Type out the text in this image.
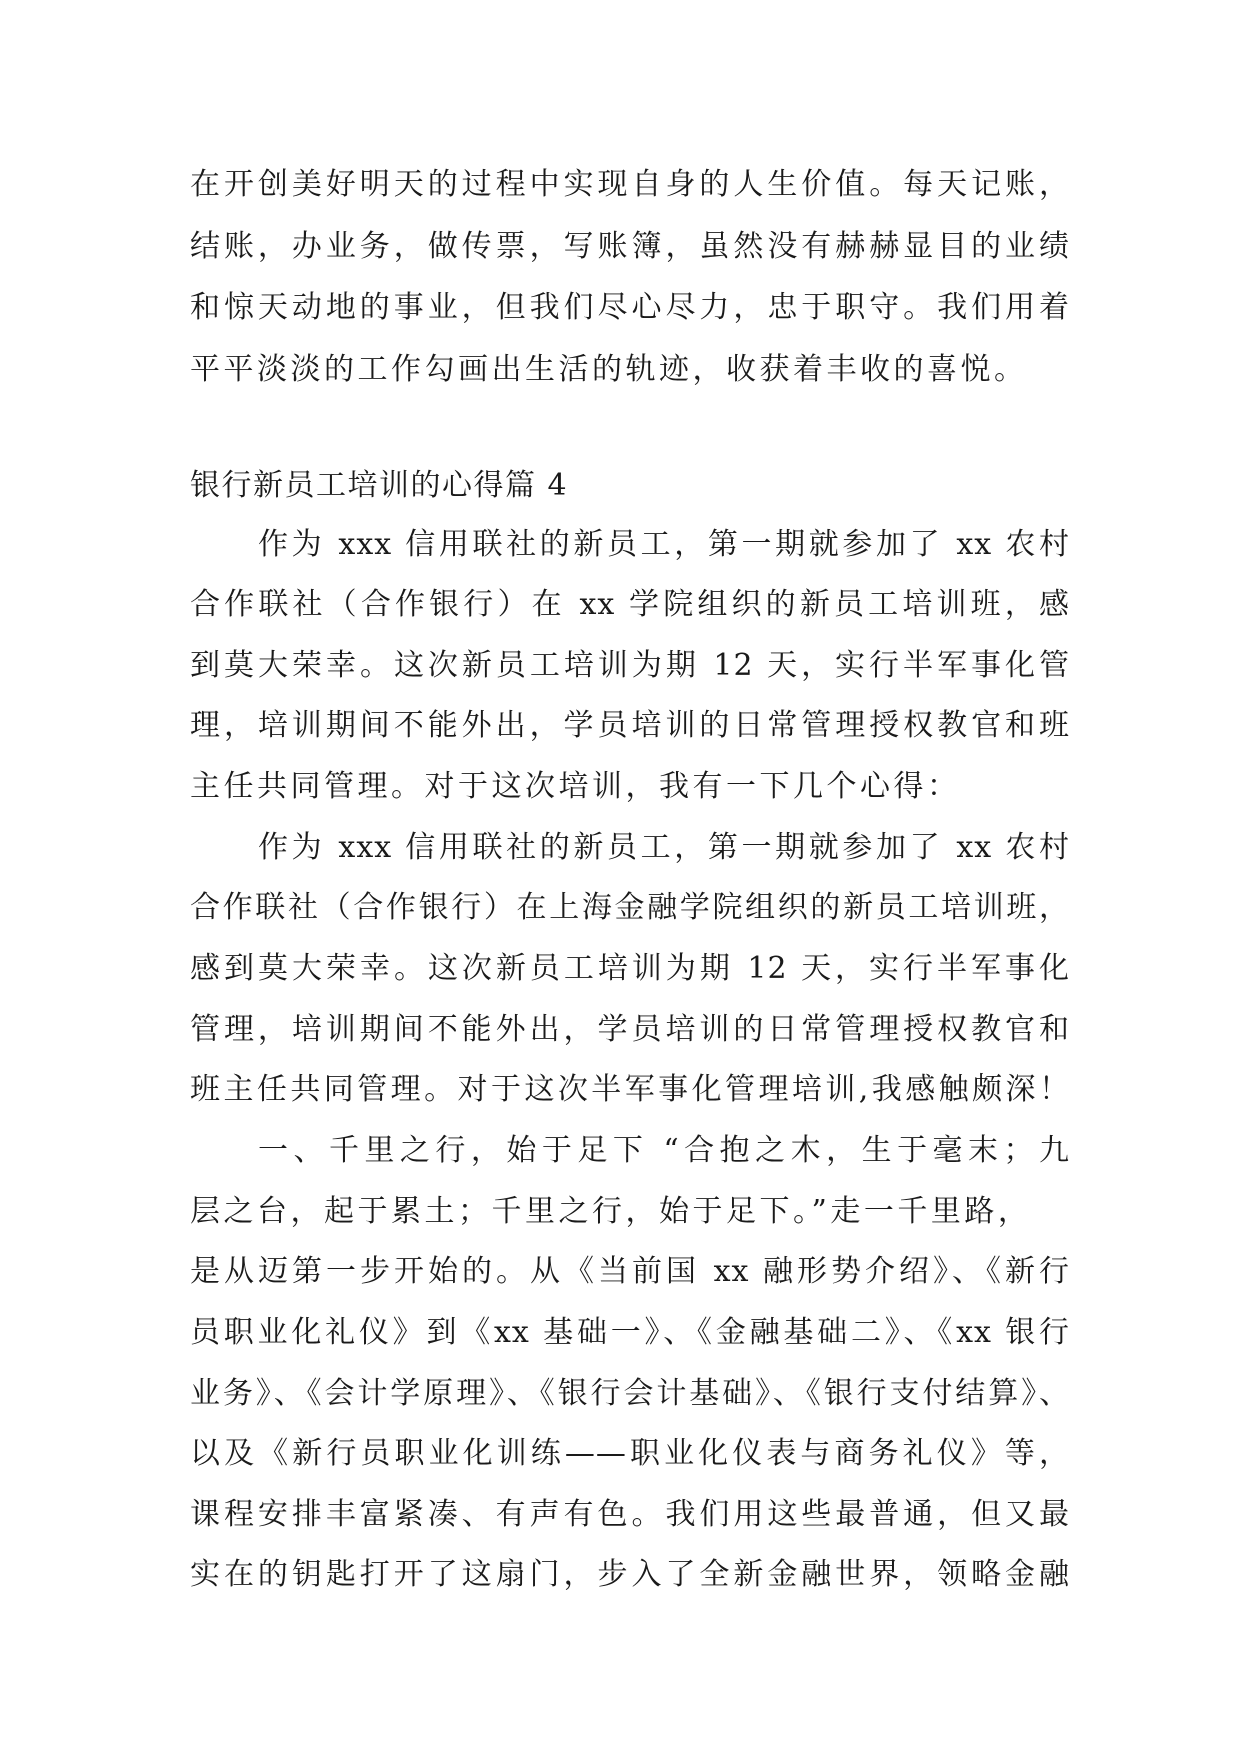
在开创美好明天的过程中实现自身的人生价值。每天记账，
结账，办业务，做传票，写账簿，虽然没有赫赫显目的业绩
和惊天动地的事业，但我们尽心尽力，忠于职守。我们用着
平平淡淡的工作勾画出生活的轨迹，收获着丰收的喜悦。
银行新员工培训的心得篇 4
作为 xxx 信用联社的新员工，第一期就参加了 xx 农村
合作联社（合作银行）在 xx 学院组织的新员工培训班，感
到莫大荣幸。这次新员工培训为期 12 天，实行半军事化管
理，培训期间不能外出，学员培训的日常管理授权教官和班
主任共同管理。对于这次培训，我有一下几个心得：
作为 xxx 信用联社的新员工，第一期就参加了 xx 农村
合作联社（合作银行）在上海金融学院组织的新员工培训班，
感到莫大荣幸。这次新员工培训为期 12 天，实行半军事化
管理，培训期间不能外出，学员培训的日常管理授权教官和
班主任共同管理。对于这次半军事化管理培训,我感触颇深！
一、千里之行，始于足下 “合抱之木，生于毫末；九
层之台，起于累土；千里之行，始于足下。”走一千里路，
是从迈第一步开始的。从《当前国 xx 融形势介绍》、《新行
员职业化礼仪》到《xx 基础一》、《金融基础二》、《xx 银行
业务》、《会计学原理》、《银行会计基础》、《银行支付结算》、
以及《新行员职业化训练——职业化仪表与商务礼仪》等，
课程安排丰富紧凑、有声有色。我们用这些最普通，但又最
实在的钥匙打开了这扇门，步入了全新金融世界，领略金融
